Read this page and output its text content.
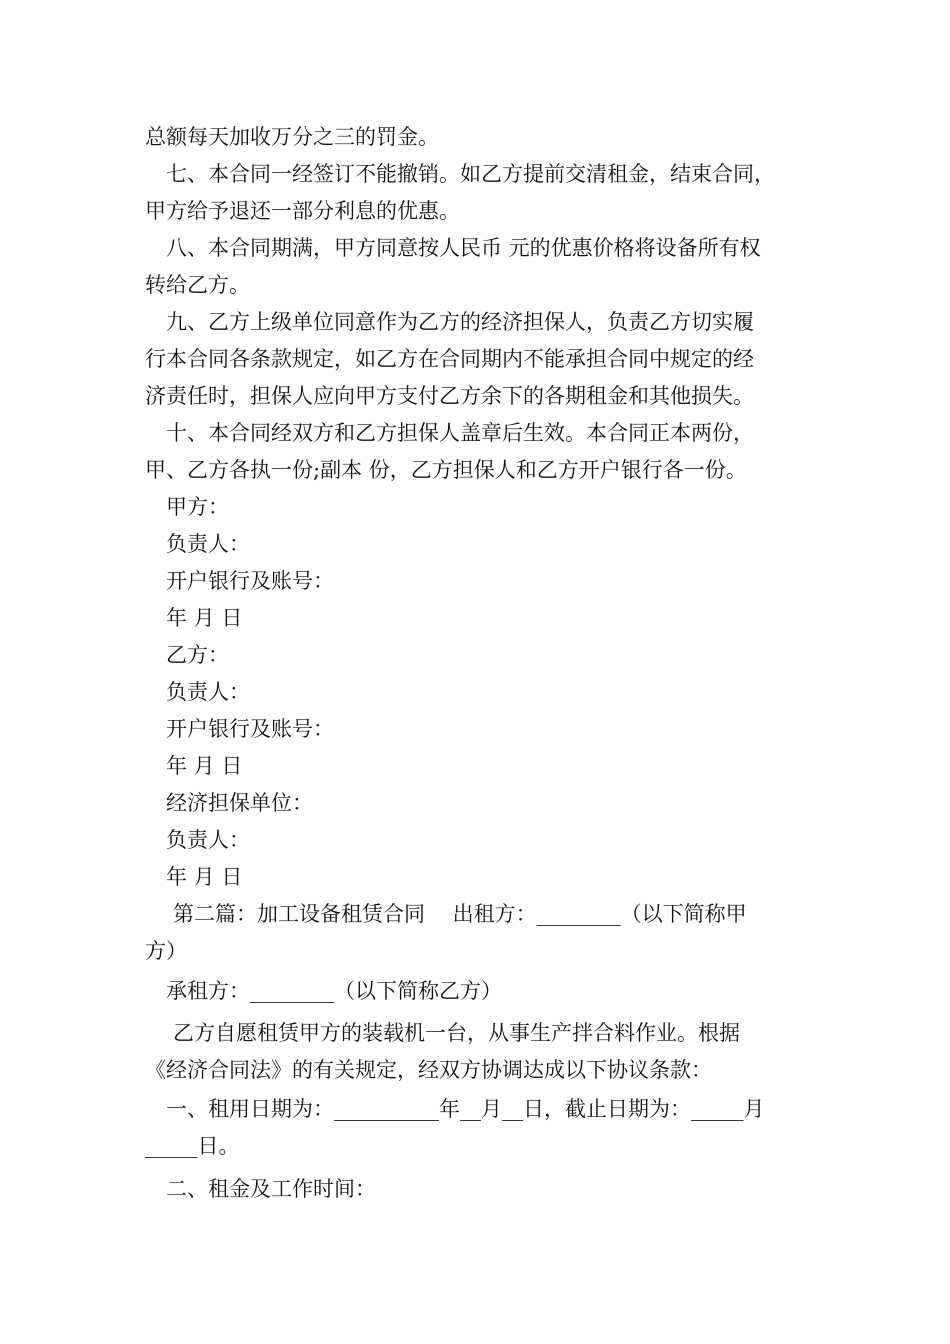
总额每天加收万分之三的罚金。
七、本合同一经签订不能撤销。如乙方提前交清租金，结束合同，
甲方给予退还一部分利息的优惠。
八、本合同期满，甲方同意按人民币 元的优惠价格将设备所有权
转给乙方。
九、乙方上级单位同意作为乙方的经济担保人，负责乙方切实履
行本合同各条款规定，如乙方在合同期内不能承担合同中规定的经
济责任时，担保人应向甲方支付乙方余下的各期租金和其他损失。
十、本合同经双方和乙方担保人盖章后生效。本合同正本两份，
甲、乙方各执一份;副本 份，乙方担保人和乙方开户银行各一份。
甲方：
负责人：
开户银行及账号：
年 月 日
乙方：
负责人：
开户银行及账号：
年 月 日
经济担保单位：
负责人：
年 月 日
第二篇：加工设备租赁合同　 出租方：________（以下简称甲
方）
承租方：________（以下简称乙方）
乙方自愿租赁甲方的装载机一台，从事生产拌合料作业。根据
《经济合同法》的有关规定，经双方协调达成以下协议条款：
一、租用日期为：__________年__月__日，截止日期为：_____月
_____日。
二、租金及工作时间：
